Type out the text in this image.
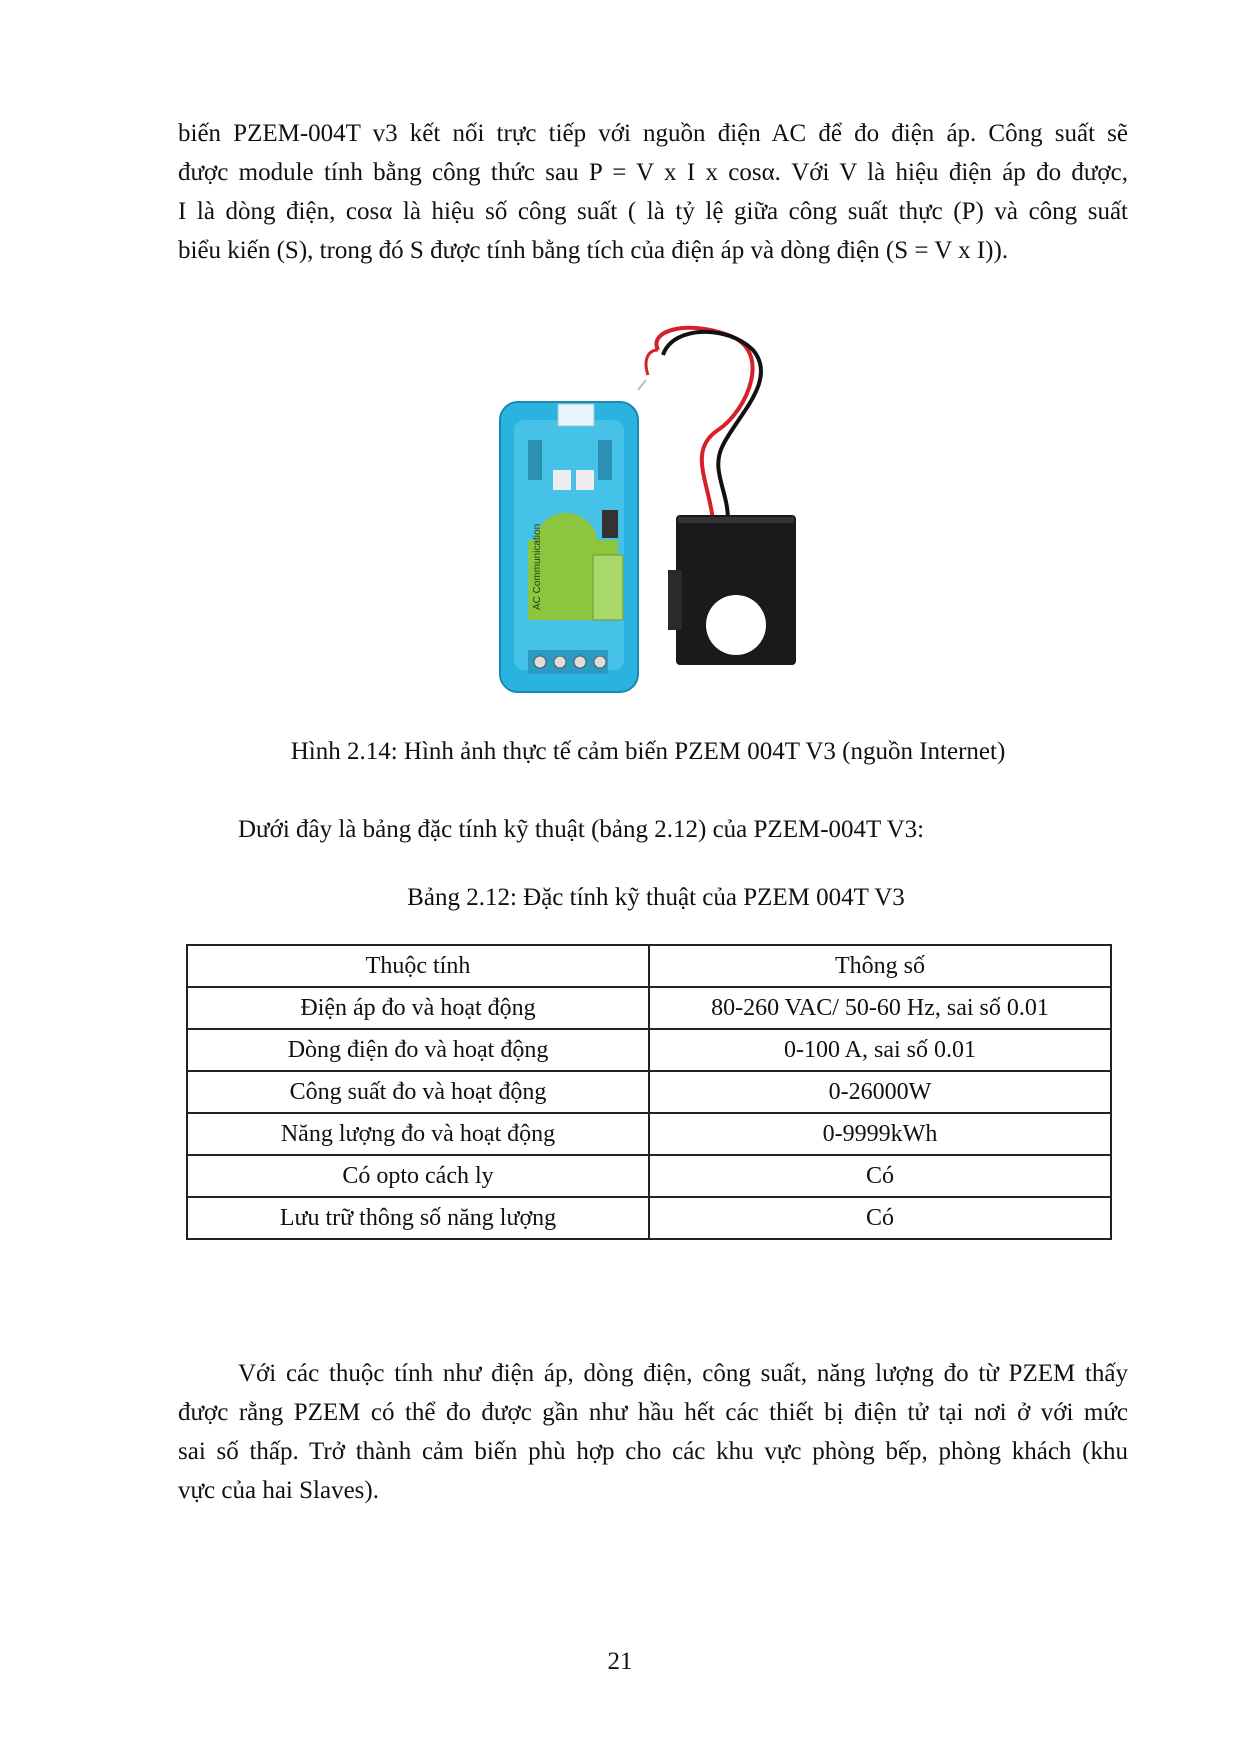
biến PZEM-004T v3 kết nối trực tiếp với nguồn điện AC để đo điện áp. Công suất sẽ
được module tính bằng công thức sau P = V x I x cosα. Với V là hiệu điện áp đo được,
I là dòng điện, cosα là hiệu số công suất ( là tỷ lệ giữa công suất thực (P) và công suất
biểu kiến (S), trong đó S được tính bằng tích của điện áp và dòng điện (S = V x I)).
AC Communication

Hình 2.14: Hình ảnh thực tế cảm biến PZEM 004T V3 (nguồn Internet)

Dưới đây là bảng đặc tính kỹ thuật (bảng 2.12) của PZEM-004T V3:

Bảng 2.12: Đặc tính kỹ thuật của PZEM 004T V3

Thuộc tính	Thông số
Điện áp đo và hoạt động	80-260 VAC/ 50-60 Hz, sai số 0.01
Dòng điện đo và hoạt động	0-100 A, sai số 0.01
Công suất đo và hoạt động	0-26000W
Năng lượng đo và hoạt động	0-9999kWh
Có opto cách ly	Có
Lưu trữ thông số năng lượng	Có
Với các thuộc tính như điện áp, dòng điện, công suất, năng lượng đo từ PZEM thấy
được rằng PZEM có thể đo được gần như hầu hết các thiết bị điện tử tại nơi ở với mức
sai số thấp. Trở thành cảm biến phù hợp cho các khu vực phòng bếp, phòng khách (khu
vực của hai Slaves).

21
